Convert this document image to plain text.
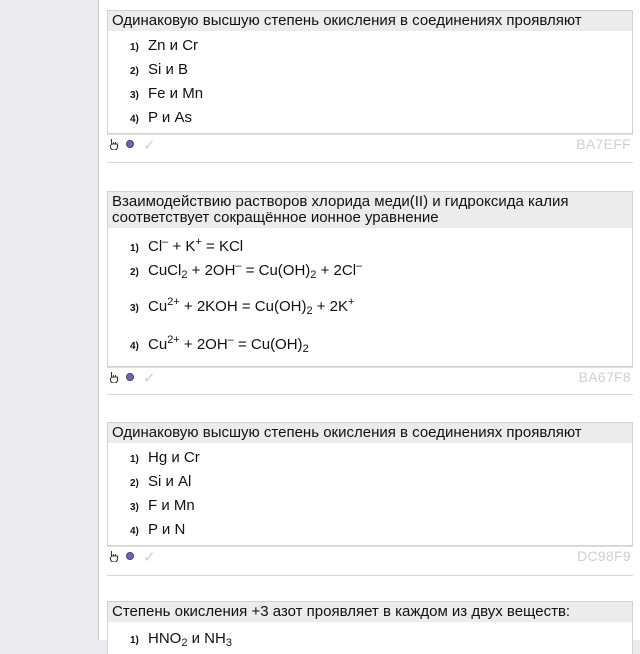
Одинаковую высшую степень окисления в соединениях проявляют
1) Zn и Cr
2) Si и B
3) Fe и Mn
4) P и As
✓	BA7EFF
Взаимодействию растворов хлорида меди(II) и гидроксида калия соответствует сокращённое ионное уравнение
1) Cl– + K+ = KCl
2) CuCl$_2$ + $2OH^- = Cu(OH)_2 + 2Cl^-$
3) $Cu^{2+} + 2KOH = Cu(OH)_2 + 2K^+$
4) $Cu^{2+} + 2OH^- = Cu(OH)_2$
✓	BA67F8
Одинаковую высшую степень окисления в соединениях проявляют
1) Hg и Cr
2) Si и Al
3) F и Mn
4) P и N
✓	DC98F9
Степень окисления +3 азот проявляет в каждом из двух веществ:
1) $HNO_2$ и $NH_3$
